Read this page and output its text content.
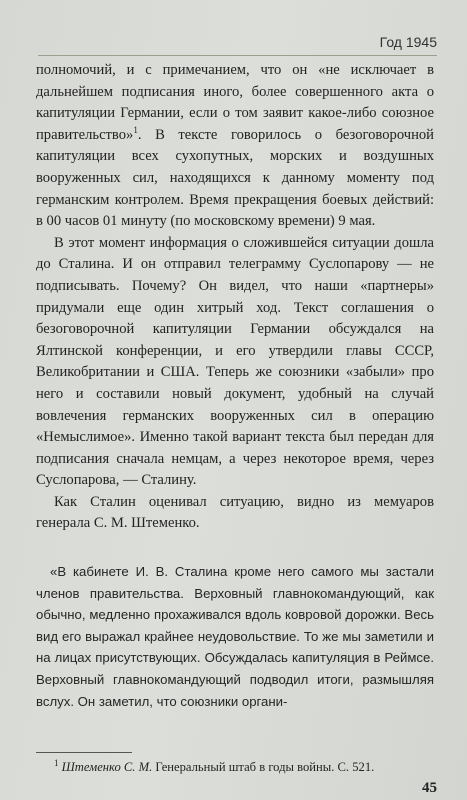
Год 1945

полномочий, и с примечанием, что он «не исключает в дальнейшем подписания иного, более совершенного акта о капитуляции Германии, если о том заявит какое-либо союзное правительство»$^1$. В тексте говорилось о безоговорочной капитуляции всех сухопутных, морских и воздушных вооруженных сил, находящихся к данному моменту под германским контролем. Время прекращения боевых действий: в 00 часов 01 минуту (по московскому времени) 9 мая.

В этот момент информация о сложившейся ситуации дошла до Сталина. И он отправил телеграмму Суслопарову — не подписывать. Почему? Он видел, что наши «партнеры» придумали еще один хитрый ход. Текст соглашения о безоговорочной капитуляции Германии обсуждался на Ялтинской конференции, и его утвердили главы СССР, Великобритании и США. Теперь же союзники «забыли» про него и составили новый документ, удобный на случай вовлечения германских вооруженных сил в операцию «Немыслимое». Именно такой вариант текста был передан для подписания сначала немцам, а через некоторое время, через Суслопарова, — Сталину.

Как Сталин оценивал ситуацию, видно из мемуаров генерала С. М. Штеменко.

«В кабинете И. В. Сталина кроме него самого мы застали членов правительства. Верховный главнокомандующий, как обычно, медленно прохаживался вдоль ковровой дорожки. Весь вид его выражал крайнее неудовольствие. То же мы заметили и на лицах присутствующих. Обсуждалась капитуляция в Реймсе. Верховный главнокомандующий подводил итоги, размышляя вслух. Он заметил, что союзники органи-

$^1$ Штеменко С. М. Генеральный штаб в годы войны. С. 521.
45
